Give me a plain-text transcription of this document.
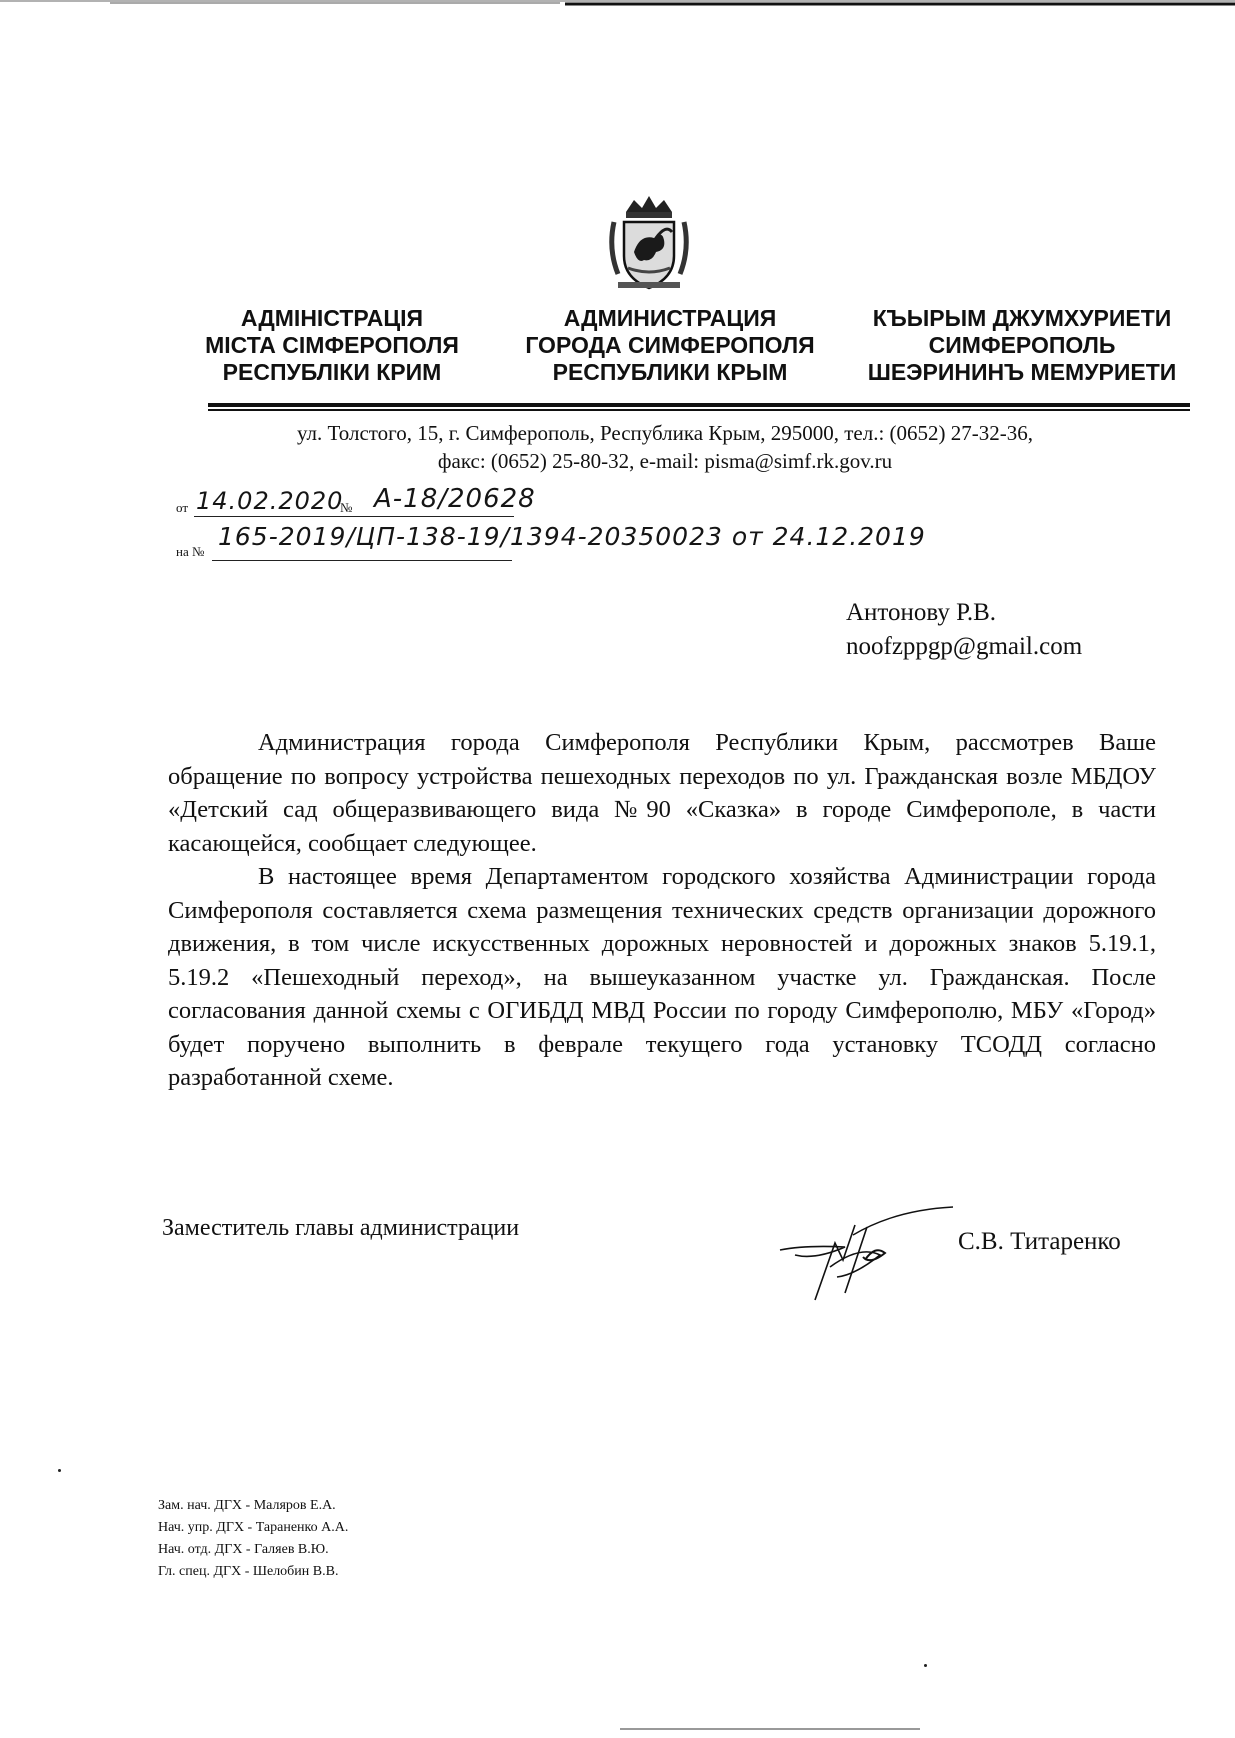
АДМІНІСТРАЦІЯ
МІСТА СІМФЕРОПОЛЯ
РЕСПУБЛІКИ КРИМ
АДМИНИСТРАЦИЯ
ГОРОДА СИМФЕРОПОЛЯ
РЕСПУБЛИКИ КРЫМ
КЪЫРЫМ ДЖУМХУРИЕТИ
СИМФЕРОПОЛЬ
ШЕЭРИНИНЪ МЕМУРИЕТИ
ул. Толстого, 15, г. Симферополь, Республика Крым, 295000, тел.: (0652) 27-32-36,
факс: (0652) 25-80-32, e-mail: pisma@simf.rk.gov.ru
от 14.02.2020
№ А-18/20628
на №
165-2019/ЦП-138-19/1394-20350023 от 24.12.2019
Антонову Р.В.
noofzppgp@gmail.com

Администрация города Симферополя Республики Крым, рассмотрев Ваше обращение по вопросу устройства пешеходных переходов по ул. Гражданская возле МБДОУ «Детский сад общеразвивающего вида №90 «Сказка» в городе Симферополе, в части касающейся, сообщает следующее.

В настоящее время Департаментом городского хозяйства Администрации города Симферополя составляется схема размещения технических средств организации дорожного движения, в том числе искусственных дорожных неровностей и дорожных знаков 5.19.1, 5.19.2 «Пешеходный переход», на вышеуказанном участке ул. Гражданская. После согласования данной схемы с ОГИБДД МВД России по городу Симферополю, МБУ «Город» будет поручено выполнить в феврале текущего года установку ТСОДД согласно разработанной схеме.

Заместитель главы администрации	С.В. Титаренко
Зам. нач. ДГХ - Маляров Е.А.
Нач. упр. ДГХ - Тараненко А.А.
Нач. отд. ДГХ - Галяев В.Ю.
Гл. спец. ДГХ - Шелобин В.В.
